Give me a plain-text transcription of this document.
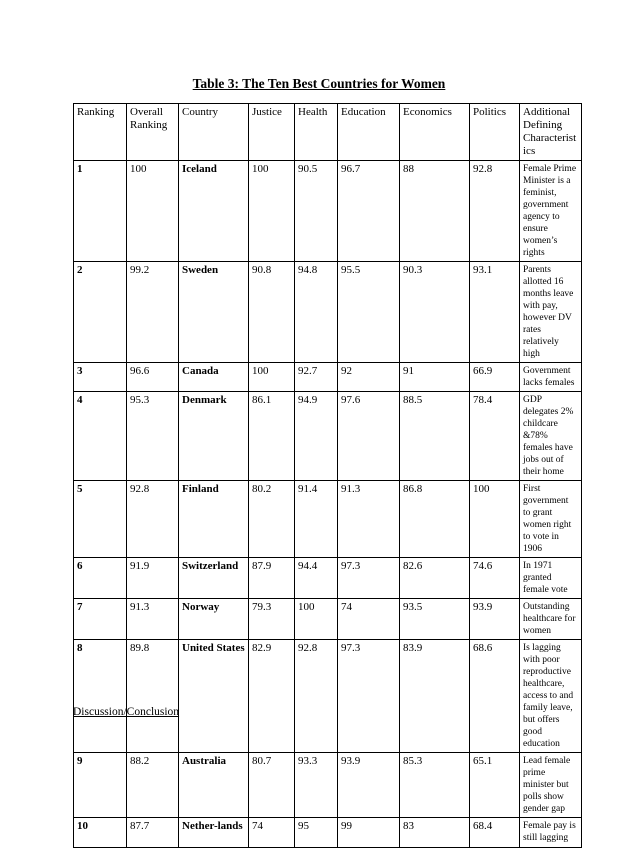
Table 3: The Ten Best Countries for Women
Ranking	Overall Ranking	Country	Justice	Health	Education	Economics	Politics	Additional Defining Characteristics
1	100	Iceland	100	90.5	96.7	88	92.8	Female Prime Minister is a feminist, government agency to ensure women’s rights
2	99.2	Sweden	90.8	94.8	95.5	90.3	93.1	Parents allotted 16 months leave with pay, however DV rates relatively high
3	96.6	Canada	100	92.7	92	91	66.9	Government lacks females
4	95.3	Denmark	86.1	94.9	97.6	88.5	78.4	GDP delegates 2% childcare &78% females have jobs out of their home
5	92.8	Finland	80.2	91.4	91.3	86.8	100	First government to grant women right to vote in 1906
6	91.9	Switzerland	87.9	94.4	97.3	82.6	74.6	In 1971 granted female vote
7	91.3	Norway	79.3	100	74	93.5	93.9	Outstanding healthcare for women
8	89.8	United States	82.9	92.8	97.3	83.9	68.6	Is lagging with poor reproductive healthcare, access to and family leave, but offers good education
9	88.2	Australia	80.7	93.3	93.9	85.3	65.1	Lead female prime minister but polls show gender gap
10	87.7	Nether-lands	74	95	99	83	68.4	Female pay is still lagging
Discussion/Conclusion
